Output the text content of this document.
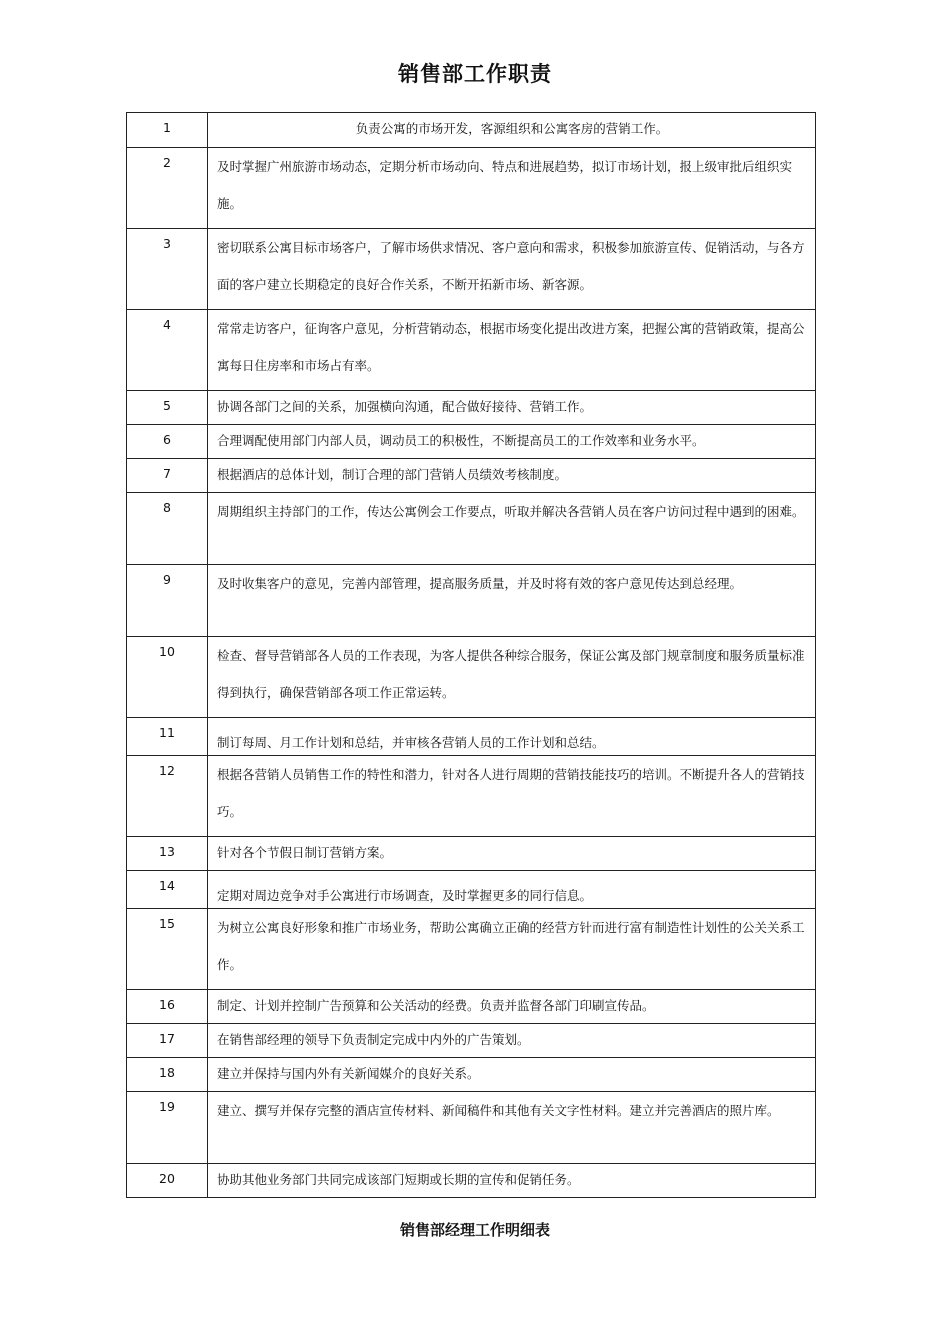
销售部工作职责
1	负责公寓的市场开发，客源组织和公寓客房的营销工作。
2	及时掌握广州旅游市场动态，定期分析市场动向、特点和进展趋势，拟订市场计划，报上级审批后组织实施。
3	密切联系公寓目标市场客户，了解市场供求情况、客户意向和需求，积极参加旅游宣传、促销活动，与各方面的客户建立长期稳定的良好合作关系，不断开拓新市场、新客源。
4	常常走访客户，征询客户意见，分析营销动态，根据市场变化提出改进方案，把握公寓的营销政策，提高公寓每日住房率和市场占有率。
5	协调各部门之间的关系，加强横向沟通，配合做好接待、营销工作。
6	合理调配使用部门内部人员，调动员工的积极性，不断提高员工的工作效率和业务水平。
7	根据酒店的总体计划，制订合理的部门营销人员绩效考核制度。
8	周期组织主持部门的工作，传达公寓例会工作要点，听取并解决各营销人员在客户访问过程中遇到的困难。
9	及时收集客户的意见，完善内部管理，提高服务质量，并及时将有效的客户意见传达到总经理。
10	检查、督导营销部各人员的工作表现，为客人提供各种综合服务，保证公寓及部门规章制度和服务质量标准得到执行，确保营销部各项工作正常运转。
11	制订每周、月工作计划和总结，并审核各营销人员的工作计划和总结。
12	根据各营销人员销售工作的特性和潜力，针对各人进行周期的营销技能技巧的培训。不断提升各人的营销技巧。
13	针对各个节假日制订营销方案。
14	定期对周边竞争对手公寓进行市场调查，及时掌握更多的同行信息。
15	为树立公寓良好形象和推广市场业务，帮助公寓确立正确的经营方针而进行富有制造性计划性的公关关系工作。
16	制定、计划并控制广告预算和公关活动的经费。负责并监督各部门印刷宣传品。
17	在销售部经理的领导下负责制定完成中内外的广告策划。
18	建立并保持与国内外有关新闻媒介的良好关系。
19	建立、撰写并保存完整的酒店宣传材料、新闻稿件和其他有关文字性材料。建立并完善酒店的照片库。
20	协助其他业务部门共同完成该部门短期或长期的宣传和促销任务。
销售部经理工作明细表
